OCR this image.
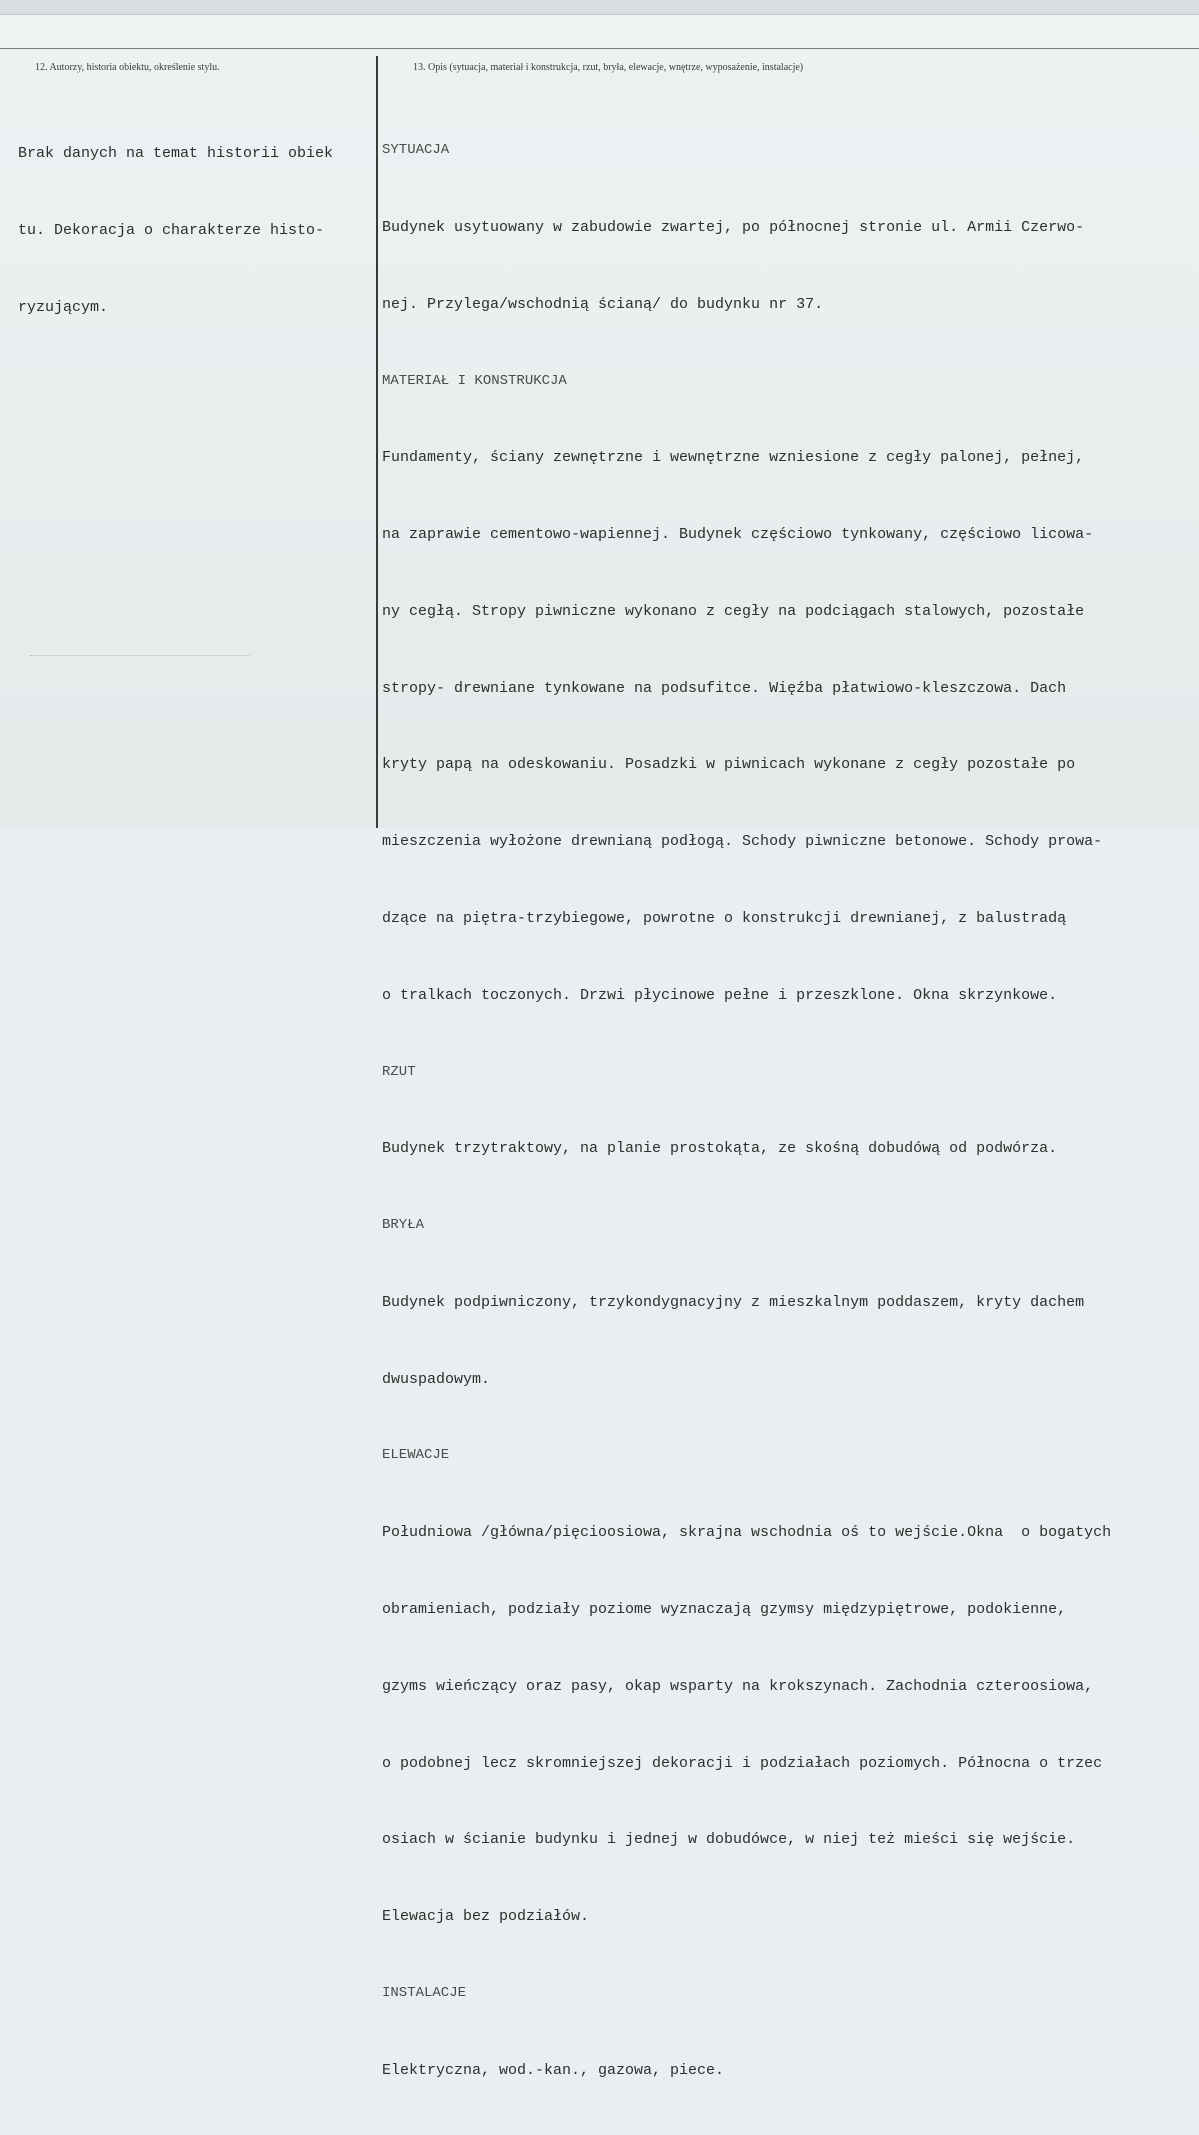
12. Autorzy, historia obiektu, określenie stylu.	13. Opis (sytuacja, materiał i konstrukcja, rzut, bryła, elewacje, wnętrze, wyposażenie, instalacje)

Brak danych na temat historii obiek

tu. Dekoracja o charakterze histo-

ryzującym.

SYTUACJA

Budynek usytuowany w zabudowie zwartej, po północnej stronie ul. Armii Czerwo-

nej. Przylega/wschodnią ścianą/ do budynku nr 37.

MATERIAŁ I KONSTRUKCJA

Fundamenty, ściany zewnętrzne i wewnętrzne wzniesione z cegły palonej, pełnej,

na zaprawie cementowo-wapiennej. Budynek częściowo tynkowany, częściowo licowa-

ny cegłą. Stropy piwniczne wykonano z cegły na podciągach stalowych, pozostałe

stropy- drewniane tynkowane na podsufitce. Więźba płatwiowo-kleszczowa. Dach

kryty papą na odeskowaniu. Posadzki w piwnicach wykonane z cegły pozostałe po

mieszczenia wyłożone drewnianą podłogą. Schody piwniczne betonowe. Schody prowa-

dzące na piętra-trzybiegowe, powrotne o konstrukcji drewnianej, z balustradą

o tralkach toczonych. Drzwi płycinowe pełne i przeszklone. Okna skrzynkowe.

RZUT

Budynek trzytraktowy, na planie prostokąta, ze skośną dobudówą od podwórza.

BRYŁA

Budynek podpiwniczony, trzykondygnacyjny z mieszkalnym poddaszem, kryty dachem

dwuspadowym.

ELEWACJE

Południowa /główna/pięcioosiowa, skrajna wschodnia oś to wejście.Okna  o bogatych

obramieniach, podziały poziome wyznaczają gzymsy międzypiętrowe, podokienne,

gzyms wieńczący oraz pasy, okap wsparty na krokszynach. Zachodnia czteroosiowa,

o podobnej lecz skromniejszej dekoracji i podziałach poziomych. Północna o trzec

osiach w ścianie budynku i jednej w dobudówce, w niej też mieści się wejście.

Elewacja bez podziałów.

INSTALACJE

Elektryczna, wod.-kan., gazowa, piece.
